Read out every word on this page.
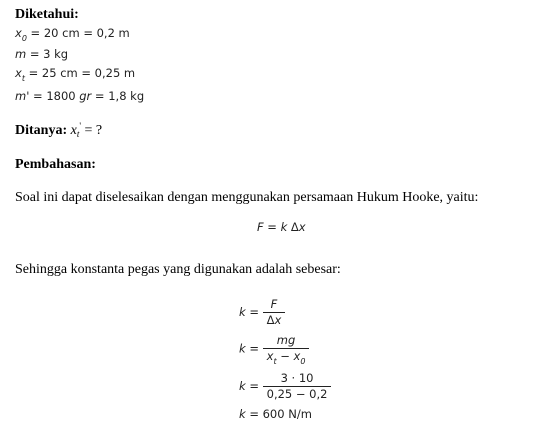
Diketahui:
$x_0 = 20$ cm = 0,2 m
m = 3 kg
$x_t = 25$ cm = 0,25 m
m' = 1800 gr = 1,8 kg
Ditanya: $x_t'$ = ?
Pembahasan:
Soal ini dapat diselesaikan dengan menggunakan persamaan Hukum Hooke, yaitu:
F = k Δx
Sehingga konstanta pegas yang digunakan adalah sebesar:
$k = \frac{F}{\Delta x}$
$k = \frac{mg}{x_t - x_0}$
$k = \frac{3 \cdot 10}{0,25 - 0,2}$
k = 600 N/m
